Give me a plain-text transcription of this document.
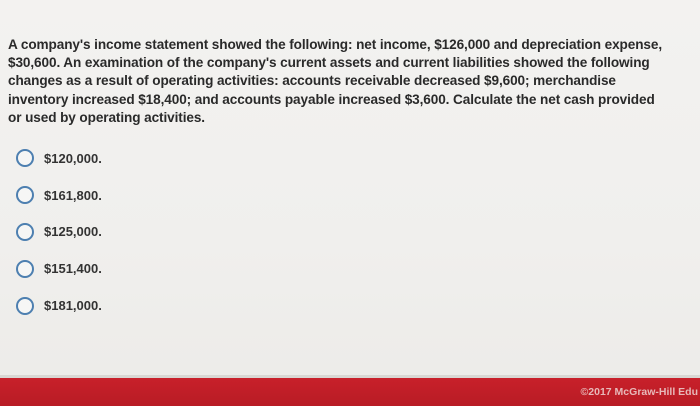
A company's income statement showed the following: net income, $126,000 and depreciation expense, $30,600. An examination of the company's current assets and current liabilities showed the following changes as a result of operating activities: accounts receivable decreased $9,600; merchandise inventory increased $18,400; and accounts payable increased $3,600. Calculate the net cash provided or used by operating activities.
$120,000.
$161,800.
$125,000.
$151,400.
$181,000.
©2017 McGraw-Hill Edu
